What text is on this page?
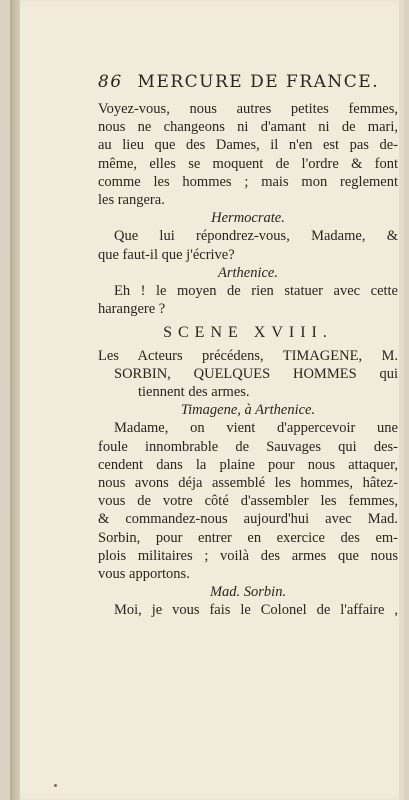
86 MERCURE DE FRANCE.
Voyez-vous, nous autres petites femmes,
nous ne changeons ni d'amant ni de mari,
au lieu que des Dames, il n'en est pas de-
même, elles se moquent de l'ordre & font
comme les hommes ; mais mon reglement
les rangera.
Hermocrate.
Que lui répondrez-vous, Madame, &
que faut-il que j'écrive?
Arthenice.
Eh ! le moyen de rien statuer avec cette
harangere ?
SCENE XVIII.
Les Acteurs précédens, TIMAGENE, M.
SORBIN, QUELQUES HOMMES qui
tiennent des armes.
Timagene, à Arthenice.
Madame, on vient d'appercevoir une
foule innombrable de Sauvages qui des-
cendent dans la plaine pour nous attaquer,
nous avons déja assemblé les hommes, hâtez-
vous de votre côté d'assembler les femmes,
& commandez-nous aujourd'hui avec Mad.
Sorbin, pour entrer en exercice des em-
plois militaires ; voilà des armes que nous
vous apportons.
Mad. Sorbin.
Moi, je vous fais le Colonel de l'affaire ,
